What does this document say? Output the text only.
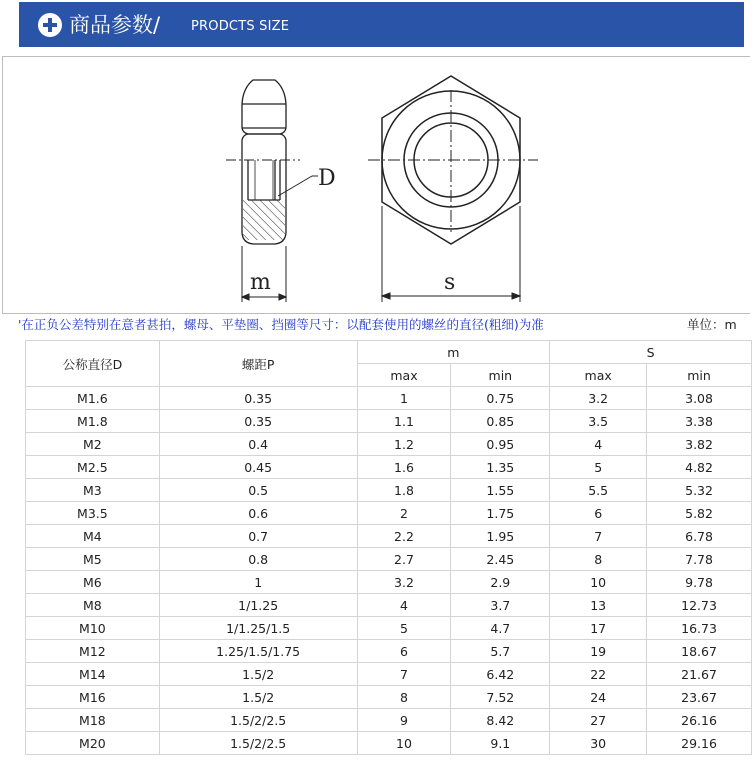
商品参数/ PRODCTS SIZE
D
m	s
'在正负公差特别在意者甚拍，螺母、平垫圈、挡圈等尺寸：以配套使用的螺丝的直径(粗细)为准	单位：m
公称直径D	螺距P	m		S	
		max	min	max	min
M1.6	0.35	1	0.75	3.2	3.08
M1.8	0.35	1.1	0.85	3.5	3.38
M2	0.4	1.2	0.95	4	3.82
M2.5	0.45	1.6	1.35	5	4.82
M3	0.5	1.8	1.55	5.5	5.32
M3.5	0.6	2	1.75	6	5.82
M4	0.7	2.2	1.95	7	6.78
M5	0.8	2.7	2.45	8	7.78
M6	1	3.2	2.9	10	9.78
M8	1/1.25	4	3.7	13	12.73
M10	1/1.25/1.5	5	4.7	17	16.73
M12	1.25/1.5/1.75	6	5.7	19	18.67
M14	1.5/2	7	6.42	22	21.67
M16	1.5/2	8	7.52	24	23.67
M18	1.5/2/2.5	9	8.42	27	26.16
M20	1.5/2/2.5	10	9.1	30	29.16
